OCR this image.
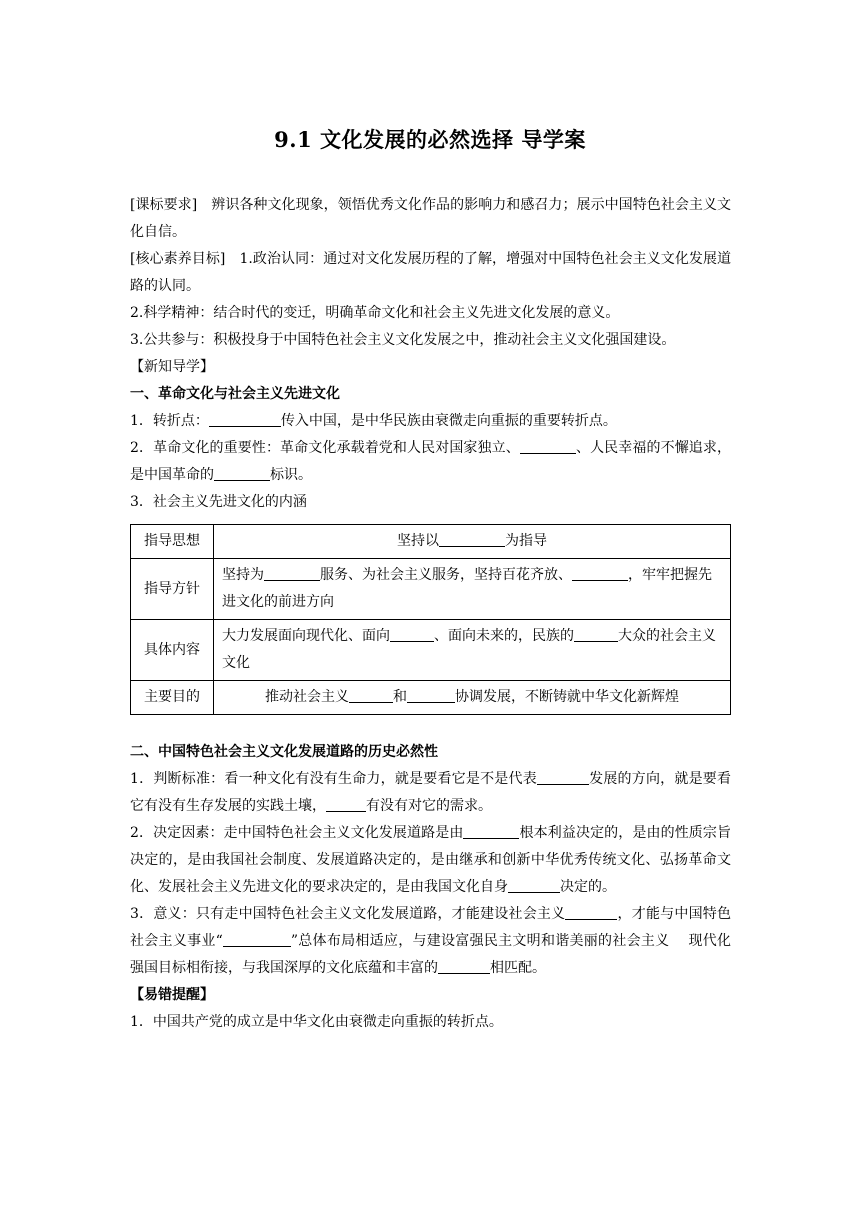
9.1 文化发展的必然选择 导学案

[课标要求]　 辨识各种文化现象，领悟优秀文化作品的影响力和感召力；展示中国特色社会主义文化自信。

[核心素养目标]　 1.政治认同：通过对文化发展历程的了解，增强对中国特色社会主义文化发展道路的认同。

2.科学精神：结合时代的变迁，明确革命文化和社会主义先进文化发展的意义。

3.公共参与：积极投身于中国特色社会主义文化发展之中，推动社会主义文化强国建设。

【新知导学】

一、革命文化与社会主义先进文化

1．转折点：	传入中国，是中华民族由衰微走向重振的重要转折点。

2．革命文化的重要性：革命文化承载着党和人民对国家独立、	、人民幸福的不懈追求，是中国革命的	标识。

3．社会主义先进文化的内涵

指导思想	坚持以 为指导
指导方针	坚持为 服务、为社会主义服务，坚持百花齐放、 ，牢牢把握先进文化的前进方向
具体内容	大力发展面向现代化、面向 、面向未来的，民族的 大众的社会主义文化
主要目的	推动社会主义 和 协调发展，不断铸就中华文化新辉煌

二、中国特色社会主义文化发展道路的历史必然性

1．判断标准：看一种文化有没有生命力，就是要看它是不是代表	发展的方向，就是要看它有没有生存发展的实践土壤，	有没有对它的需求。

2．决定因素：走中国特色社会主义文化发展道路是由	根本利益决定的，是由的性质宗旨决定的，是由我国社会制度、发展道路决定的，是由继承和创新中华优秀传统文化、弘扬革命文化、发展社会主义先进文化的要求决定的，是由我国文化自身	决定的。

3．意义：只有走中国特色社会主义文化发展道路，才能建设社会主义	，才能与中国特色社会主义事业“	”总体布局相适应，与建设富强民主文明和谐美丽的社会主义　 现代化强国目标相衔接，与我国深厚的文化底蕴和丰富的	相匹配。

【易错提醒】

1．中国共产党的成立是中华文化由衰微走向重振的转折点。
